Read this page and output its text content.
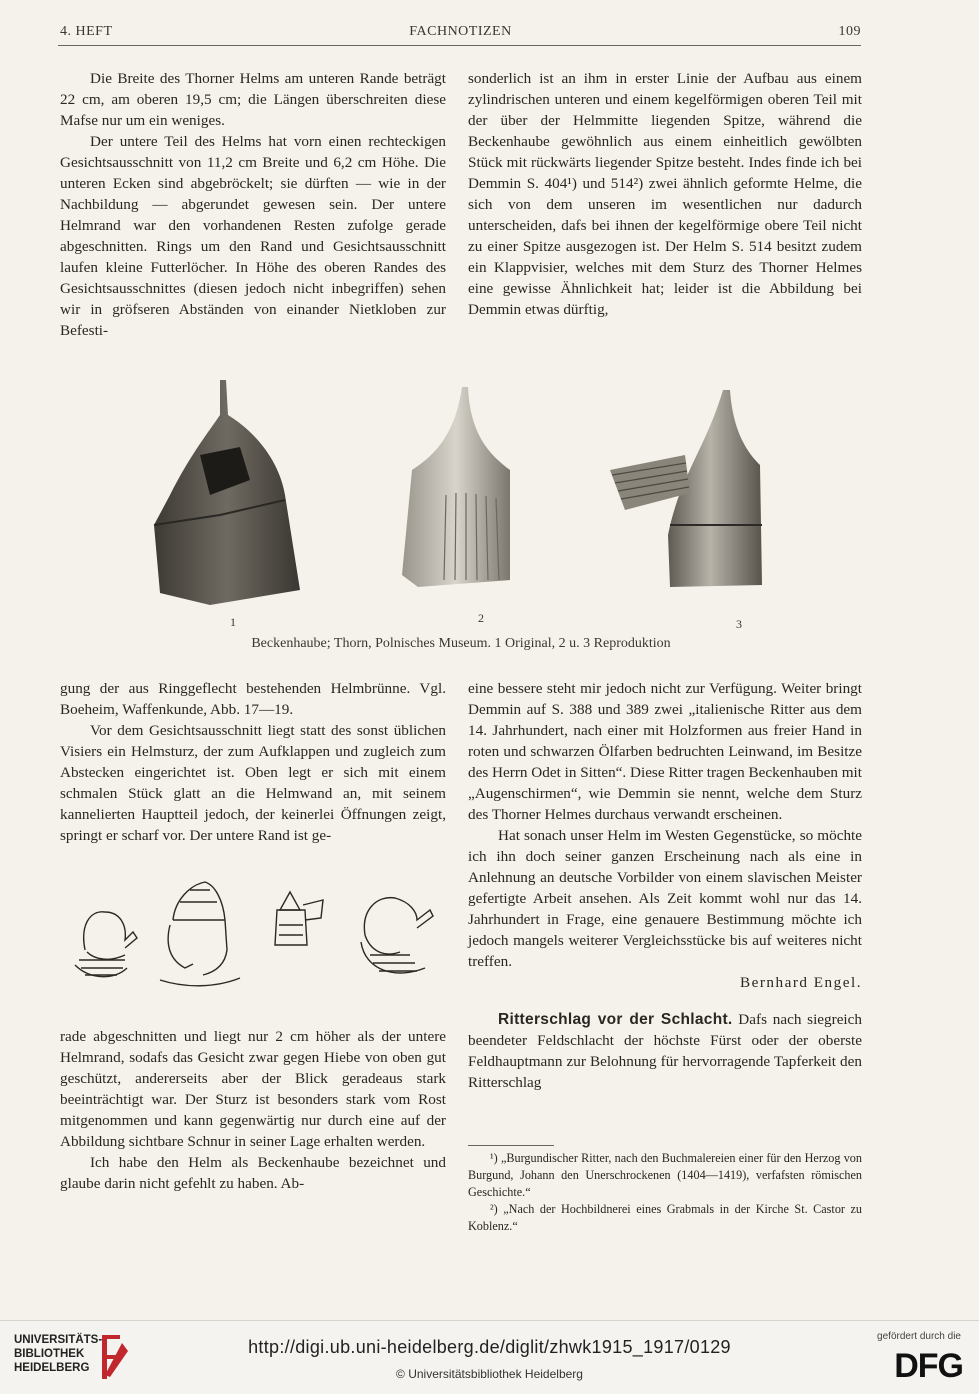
4. HEFT	FACHNOTIZEN	109

Die Breite des Thorner Helms am unteren Rande beträgt 22 cm, am oberen 19,5 cm; die Längen überschreiten diese Mafse nur um ein weniges.

Der untere Teil des Helms hat vorn einen rechteckigen Gesichtsausschnitt von 11,2 cm Breite und 6,2 cm Höhe. Die unteren Ecken sind abgebröckelt; sie dürften — wie in der Nachbildung — abgerundet gewesen sein. Der untere Helmrand war den vorhandenen Resten zufolge gerade abgeschnitten. Rings um den Rand und Gesichtsausschnitt laufen kleine Futterlöcher. In Höhe des oberen Randes des Gesichtsausschnittes (diesen jedoch nicht inbegriffen) sehen wir in gröfseren Abständen von einander Nietkloben zur Befesti-

sonderlich ist an ihm in erster Linie der Aufbau aus einem zylindrischen unteren und einem kegelförmigen oberen Teil mit der über der Helmmitte liegenden Spitze, während die Beckenhaube gewöhnlich aus einem einheitlich gewölbten Stück mit rückwärts liegender Spitze besteht. Indes finde ich bei Demmin S. 404¹) und 514²) zwei ähnlich geformte Helme, die sich von dem unseren im wesentlichen nur dadurch unterscheiden, dafs bei ihnen der kegelförmige obere Teil nicht zu einer Spitze ausgezogen ist. Der Helm S. 514 besitzt zudem ein Klappvisier, welches mit dem Sturz des Thorner Helmes eine gewisse Ähnlichkeit hat; leider ist die Abbildung bei Demmin etwas dürftig,

1	2	3
Beckenhaube; Thorn, Polnisches Museum. 1 Original, 2 u. 3 Reproduktion

gung der aus Ringgeflecht bestehenden Helmbrünne. Vgl. Boeheim, Waffenkunde, Abb. 17—19.

Vor dem Gesichtsausschnitt liegt statt des sonst üblichen Visiers ein Helmsturz, der zum Aufklappen und zugleich zum Abstecken eingerichtet ist. Oben legt er sich mit einem schmalen Stück glatt an die Helmwand an, mit seinem kannelierten Hauptteil jedoch, der keinerlei Öffnungen zeigt, springt er scharf vor. Der untere Rand ist ge-

rade abgeschnitten und liegt nur 2 cm höher als der untere Helmrand, sodafs das Gesicht zwar gegen Hiebe von oben gut geschützt, andererseits aber der Blick geradeaus stark beeinträchtigt war. Der Sturz ist besonders stark vom Rost mitgenommen und kann gegenwärtig nur durch eine auf der Abbildung sichtbare Schnur in seiner Lage erhalten werden.

Ich habe den Helm als Beckenhaube bezeichnet und glaube darin nicht gefehlt zu haben. Ab-

eine bessere steht mir jedoch nicht zur Verfügung. Weiter bringt Demmin auf S. 388 und 389 zwei „italienische Ritter aus dem 14. Jahrhundert, nach einer mit Holzformen aus freier Hand in roten und schwarzen Ölfarben bedruchten Leinwand, im Besitze des Herrn Odet in Sitten“. Diese Ritter tragen Beckenhauben mit „Augenschirmen“, wie Demmin sie nennt, welche dem Sturz des Thorner Helmes durchaus verwandt erscheinen.

Hat sonach unser Helm im Westen Gegenstücke, so möchte ich ihn doch seiner ganzen Erscheinung nach als eine in Anlehnung an deutsche Vorbilder von einem slavischen Meister gefertigte Arbeit ansehen. Als Zeit kommt wohl nur das 14. Jahrhundert in Frage, eine genauere Bestimmung möchte ich jedoch mangels weiterer Vergleichsstücke bis auf weiteres nicht treffen.

Bernhard Engel.

Ritterschlag vor der Schlacht. Dafs nach siegreich beendeter Feldschlacht der höchste Fürst oder der oberste Feldhauptmann zur Belohnung für hervorragende Tapferkeit den Ritterschlag

¹) „Burgundischer Ritter, nach den Buchmalereien einer für den Herzog von Burgund, Johann den Unerschrockenen (1404—1419), verfafsten römischen Geschichte.“

²) „Nach der Hochbildnerei eines Grabmals in der Kirche St. Castor zu Koblenz.“

UNIVERSITÄTS-
BIBLIOTHEK
HEIDELBERG
http://digi.ub.uni-heidelberg.de/diglit/zhwk1915_1917/0129
© Universitätsbibliothek Heidelberg
gefördert durch die
DFG
